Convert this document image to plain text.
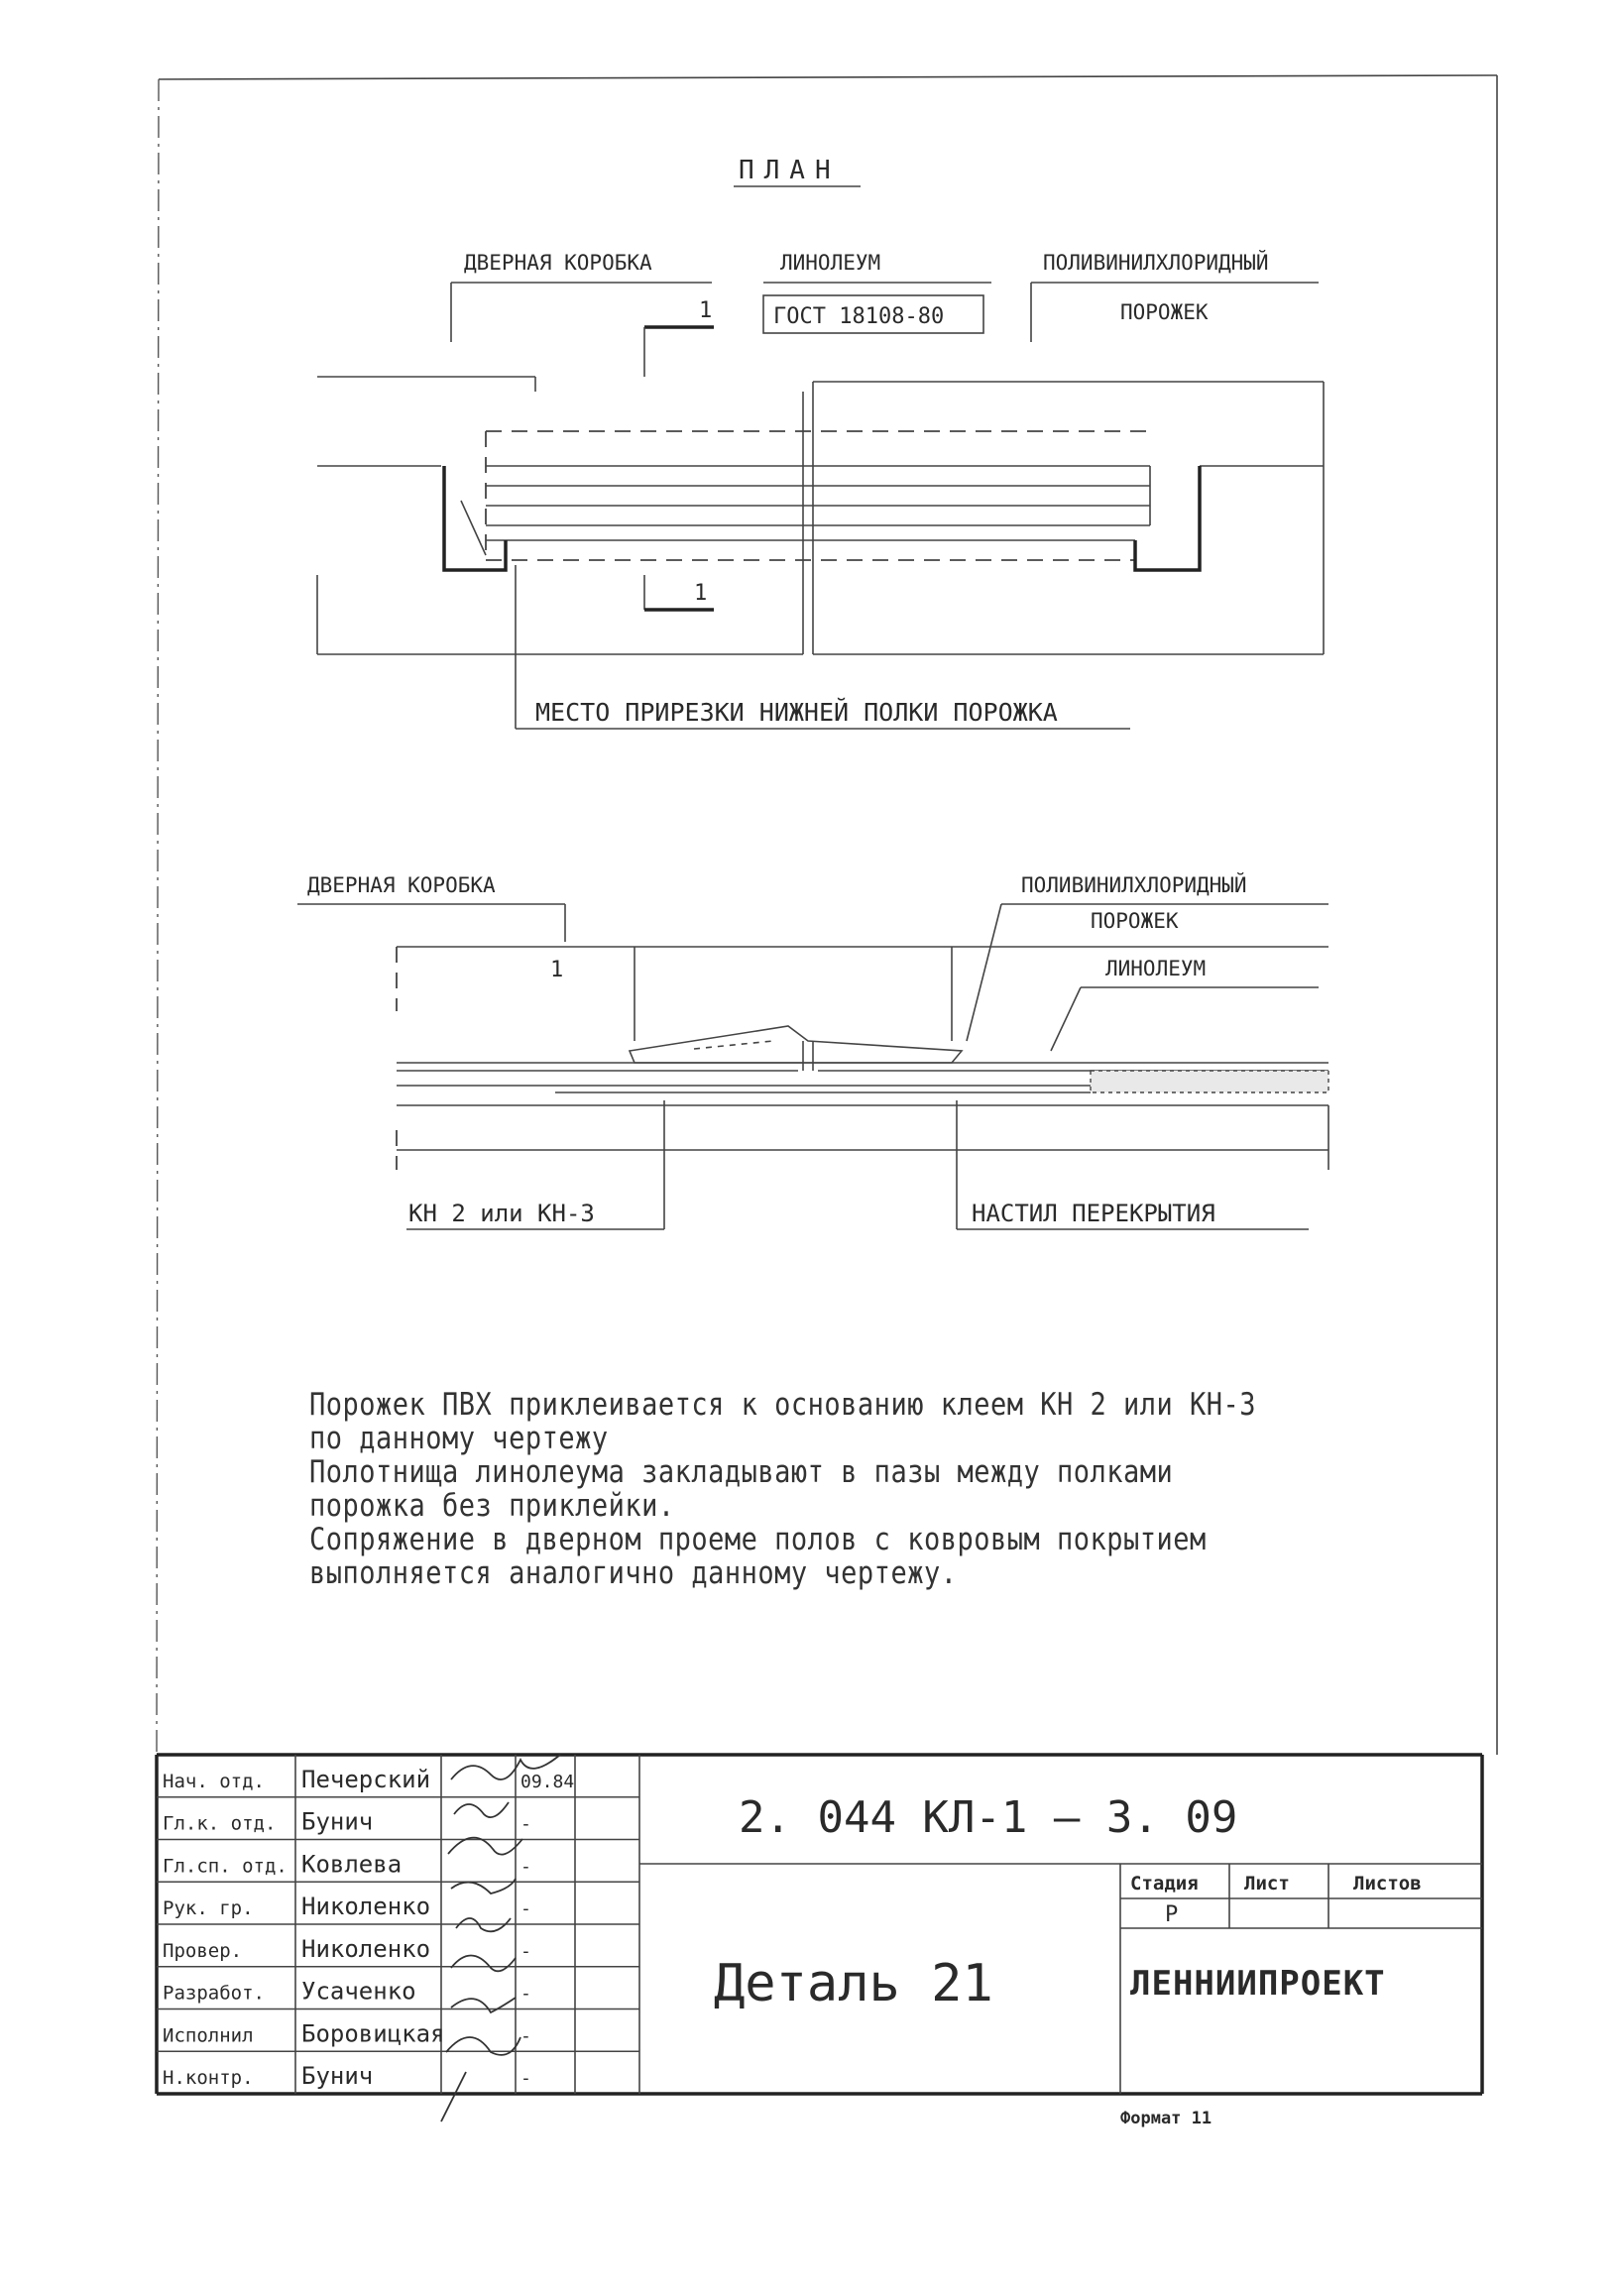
ПЛАН
ДВЕРНАЯ КОРОБКА	ЛИНОЛЕУМ
ГОСТ 18108-80
ПОЛИВИНИЛХЛОРИДНЫЙ
ПОРОЖЕК
1
1
МЕСТО ПРИРЕЗКИ НИЖНЕЙ ПОЛКИ ПОРОЖКА
ДВЕРНАЯ КОРОБКА	ПОЛИВИНИЛХЛОРИДНЫЙ
ПОРОЖЕК
ЛИНОЛЕУМ
1
КН 2 или КН-3	НАСТИЛ ПЕРЕКРЫТИЯ
Нач. отд. Печерский	09.84
Гл.к. отд. Бунич	-
Гл.сп. отд. Ковлева	-
Рук. гр. Николенко	-
Провер. Николенко	-
Разработ. Усаченко	-
Исполнил Боровицкая	-
Н.контр. Бунич	-
2. 044 КЛ-1 — 3. 09
Деталь 21
Стадия Лист	Листов
Р
ЛЕННИИПРОЕКТ
Формат 11
Порожек ПВХ приклеивается к основанию клеем КН 2 или КН-3
по данному чертежу
Полотнища линолеума закладывают в пазы между полками
порожка без приклейки.
Сопряжение в дверном проеме полов с ковровым покрытием
выполняется аналогично данному чертежу.
